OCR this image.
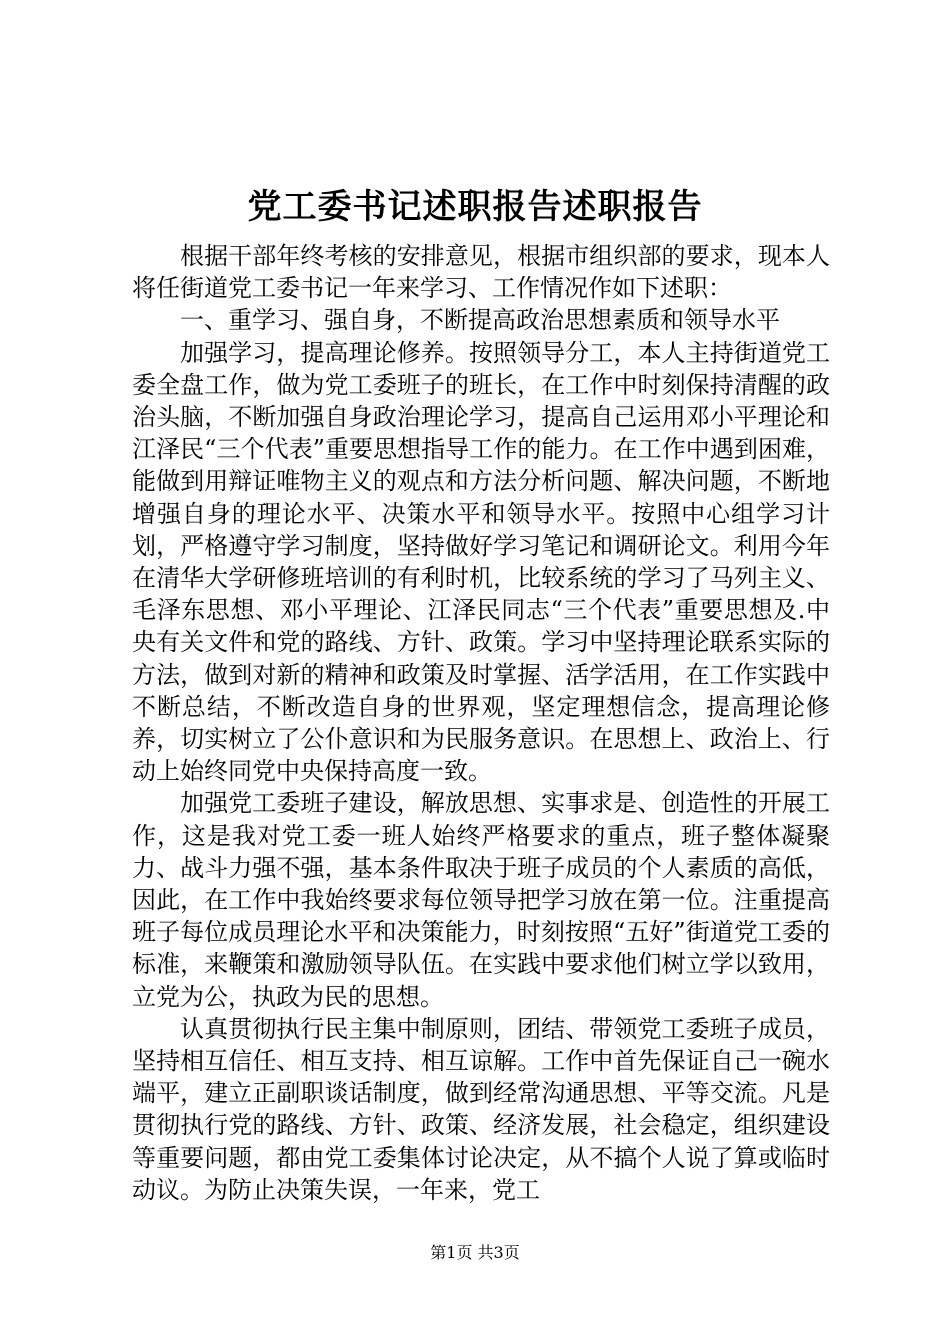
党工委书记述职报告述职报告

根据干部年终考核的安排意见，根据市组织部的要求，现本人将任街道党工委书记一年来学习、工作情况作如下述职：

一、重学习、强自身，不断提高政治思想素质和领导水平

加强学习，提高理论修养。按照领导分工，本人主持街道党工委全盘工作，做为党工委班子的班长，在工作中时刻保持清醒的政治头脑，不断加强自身政治理论学习，提高自己运用邓小平理论和江泽民“三个代表”重要思想指导工作的能力。在工作中遇到困难，能做到用辩证唯物主义的观点和方法分析问题、解决问题，不断地增强自身的理论水平、决策水平和领导水平。按照中心组学习计划，严格遵守学习制度，坚持做好学习笔记和调研论文。利用今年在清华大学研修班培训的有利时机，比较系统的学习了马列主义、毛泽东思想、邓小平理论、江泽民同志“三个代表”重要思想及.中央有关文件和党的路线、方针、政策。学习中坚持理论联系实际的方法，做到对新的精神和政策及时掌握、活学活用，在工作实践中不断总结，不断改造自身的世界观，坚定理想信念，提高理论修养，切实树立了公仆意识和为民服务意识。在思想上、政治上、行动上始终同党中央保持高度一致。

加强党工委班子建设，解放思想、实事求是、创造性的开展工作，这是我对党工委一班人始终严格要求的重点，班子整体凝聚力、战斗力强不强，基本条件取决于班子成员的个人素质的高低，因此，在工作中我始终要求每位领导把学习放在第一位。注重提高班子每位成员理论水平和决策能力，时刻按照“五好”街道党工委的标准，来鞭策和激励领导队伍。在实践中要求他们树立学以致用，立党为公，执政为民的思想。

认真贯彻执行民主集中制原则，团结、带领党工委班子成员，坚持相互信任、相互支持、相互谅解。工作中首先保证自己一碗水端平，建立正副职谈话制度，做到经常沟通思想、平等交流。凡是贯彻执行党的路线、方针、政策、经济发展，社会稳定，组织建设等重要问题，都由党工委集体讨论决定，从不搞个人说了算或临时动议。为防止决策失误，一年来，党工

第1页 共3页
